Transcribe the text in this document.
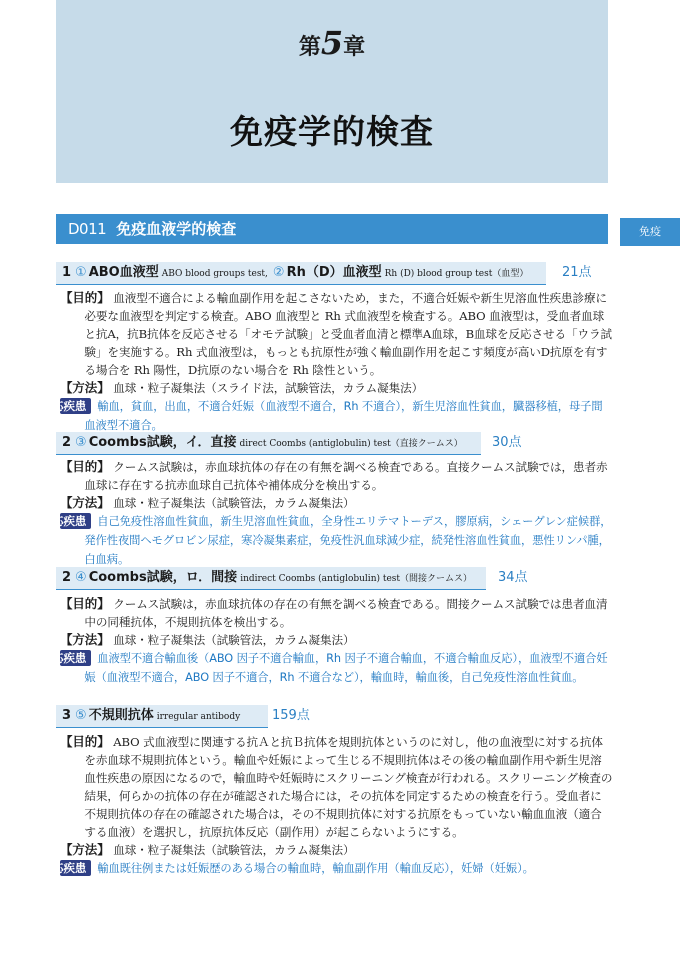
第5章
免疫学的検査
免疫
D011 免疫血液学的検査
1 ① ABO血液型 ABO blood groups test, ② Rh（D）血液型 Rh (D) blood group test（血型）	21点
【目的】 血液型不適合による輸血副作用を起こさないため，また，不適合妊娠や新生児溶血性疾患診療に必要な血液型を判定する検査。ABO 血液型と Rh 式血液型を検査する。ABO 血液型は，受血者血球と抗A，抗B抗体を反応させる「オモテ試験」と受血者血清と標準A血球，B血球を反応させる「ウラ試験」を実施する。Rh 式血液型は，もっとも抗原性が強く輸血副作用を起こす頻度が高いD抗原を有する場合を Rh 陽性，D抗原のない場合を Rh 陰性という。
【方法】 血球・粒子凝集法（スライド法，試験管法，カラム凝集法）
適応疾患 輸血，貧血，出血，不適合妊娠（血液型不適合，Rh 不適合），新生児溶血性貧血，臓器移植，母子間血液型不適合。
2 ③ Coombs試験，イ．直接 direct Coombs (antiglobulin) test（直接クームス）	30点
【目的】 クームス試験は，赤血球抗体の存在の有無を調べる検査である。直接クームス試験では，患者赤血球に存在する抗赤血球自己抗体や補体成分を検出する。
【方法】 血球・粒子凝集法（試験管法，カラム凝集法）
適応疾患 自己免疫性溶血性貧血，新生児溶血性貧血，全身性エリテマトーデス，膠原病，シェーグレン症候群，発作性夜間ヘモグロビン尿症，寒冷凝集素症，免疫性汎血球減少症，続発性溶血性貧血，悪性リンパ腫，白血病。
2 ④ Coombs試験，ロ．間接 indirect Coombs (antiglobulin) test（間接クームス）	34点
【目的】 クームス試験は，赤血球抗体の存在の有無を調べる検査である。間接クームス試験では患者血清中の同種抗体，不規則抗体を検出する。
【方法】 血球・粒子凝集法（試験管法，カラム凝集法）
適応疾患 血液型不適合輸血後（ABO 因子不適合輸血，Rh 因子不適合輸血，不適合輸血反応），血液型不適合妊娠（血液型不適合，ABO 因子不適合，Rh 不適合など），輸血時，輸血後，自己免疫性溶血性貧血。
3 ⑤ 不規則抗体 irregular antibody	159点
【目的】 ABO 式血液型に関連する抗Ａと抗Ｂ抗体を規則抗体というのに対し，他の血液型に対する抗体を赤血球不規則抗体という。輸血や妊娠によって生じる不規則抗体はその後の輸血副作用や新生児溶血性疾患の原因になるので，輸血時や妊娠時にスクリーニング検査が行われる。スクリーニング検査の結果，何らかの抗体の存在が確認された場合には，その抗体を同定するための検査を行う。受血者に不規則抗体の存在の確認された場合は，その不規則抗体に対する抗原をもっていない輸血血液（適合する血液）を選択し，抗原抗体反応（副作用）が起こらないようにする。
【方法】 血球・粒子凝集法（試験管法，カラム凝集法）
適応疾患 輸血既往例または妊娠歴のある場合の輸血時，輸血副作用（輸血反応），妊婦（妊娠）。
